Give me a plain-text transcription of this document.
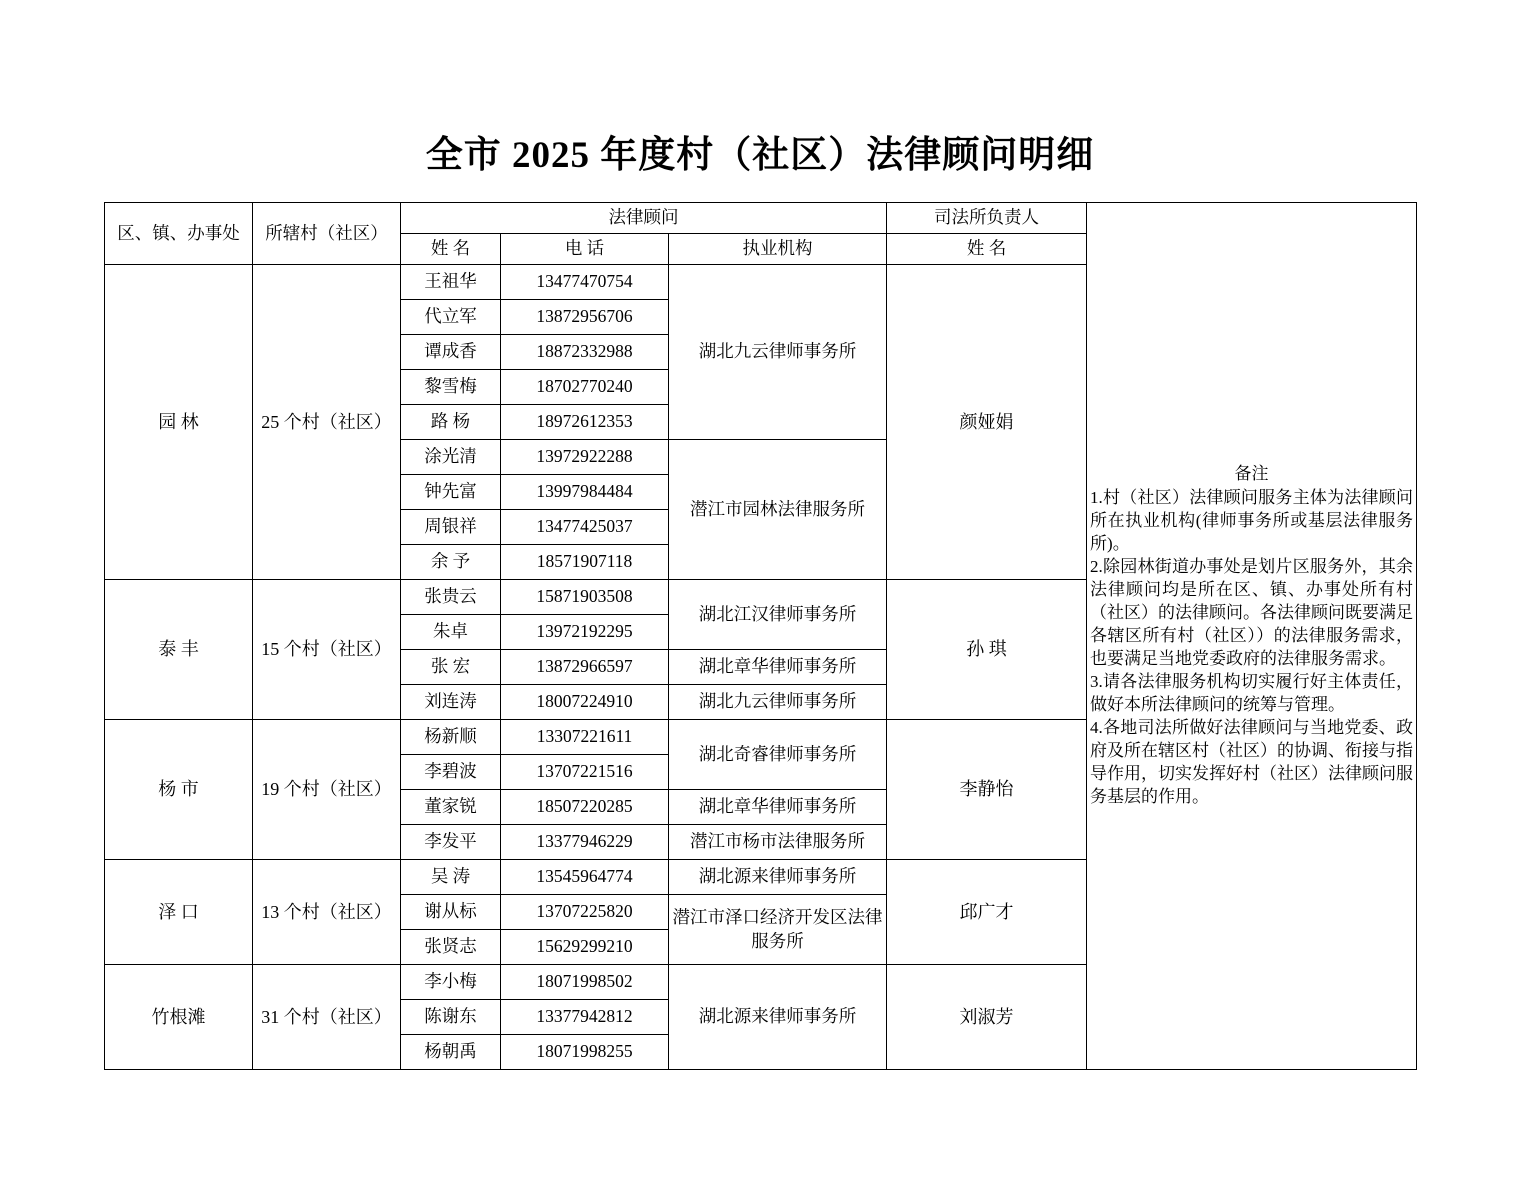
全市 2025 年度村（社区）法律顾问明细
区、镇、办事处	所辖村（社区）	法律顾问			司法所负责人	备注
1.村（社区）法律顾问服务主体为法律顾问所在执业机构(律师事务所或基层法律服务所)。
2.除园林街道办事处是划片区服务外，其余法律顾问均是所在区、镇、办事处所有村（社区）的法律顾问。各法律顾问既要满足各辖区所有村（社区））的法律服务需求，也要满足当地党委政府的法律服务需求。
3.请各法律服务机构切实履行好主体责任，做好本所法律顾问的统筹与管理。
4.各地司法所做好法律顾问与当地党委、政府及所在辖区村（社区）的协调、衔接与指导作用，切实发挥好村（社区）法律顾问服务基层的作用。

		姓 名	电 话	执业机构	姓 名	
园 林	25 个村（社区）	王祖华	13477470754	湖北九云律师事务所	颜娅娟	
		代立军	13872956706			
		谭成香	18872332988			
		黎雪梅	18702770240			
		路 杨	18972612353			
		涂光清	13972922288	潜江市园林法律服务所		
		钟先富	13997984484			
		周银祥	13477425037			
		余 予	18571907118			
泰 丰	15 个村（社区）	张贵云	15871903508	湖北江汉律师事务所	孙 琪	
		朱卓	13972192295			
		张 宏	13872966597	湖北章华律师事务所		
		刘连涛	18007224910	湖北九云律师事务所		
杨 市	19 个村（社区）	杨新顺	13307221611	湖北奇睿律师事务所	李静怡	
		李碧波	13707221516			
		董家锐	18507220285	湖北章华律师事务所		
		李发平	13377946229	潜江市杨市法律服务所		
泽 口	13 个村（社区）	吴 涛	13545964774	湖北源来律师事务所	邱广才	
		谢从标	13707225820	潜江市泽口经济开发区法律服务所		
		张贤志	15629299210			
竹根滩	31 个村（社区）	李小梅	18071998502	湖北源来律师事务所	刘淑芳	
		陈谢东	13377942812			
		杨朝禹	18071998255			
